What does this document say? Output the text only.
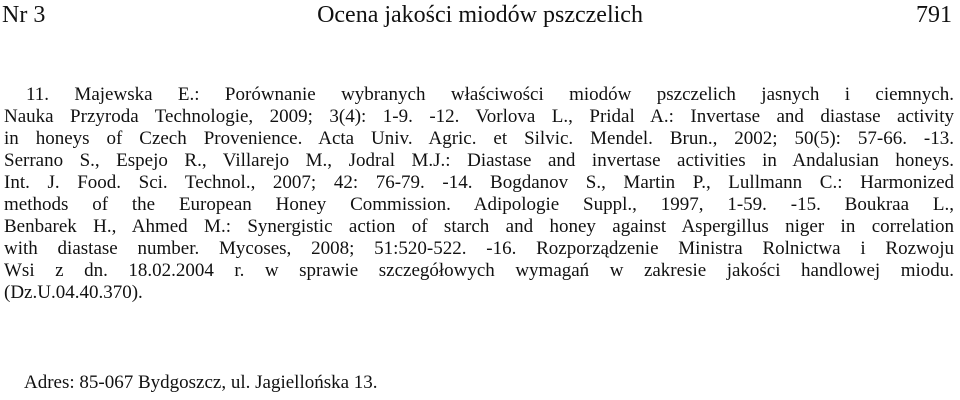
Nr 3	Ocena jakości miodów pszczelich	791
11. Majewska E.: Porównanie wybranych właściwości miodów pszczelich jasnych i ciemnych.
Nauka Przyroda Technologie, 2009; 3(4): 1-9. -12. Vorlova L., Pridal A.: Invertase and diastase activity
in honeys of Czech Provenience. Acta Univ. Agric. et Silvic. Mendel. Brun., 2002; 50(5): 57-66. -13.
Serrano S., Espejo R., Villarejo M., Jodral M.J.: Diastase and invertase activities in Andalusian honeys.
Int. J. Food. Sci. Technol., 2007; 42: 76-79. -14. Bogdanov S., Martin P., Lullmann C.: Harmonized
methods of the European Honey Commission. Adipologie Suppl., 1997, 1-59. -15. Boukraa L.,
Benbarek H., Ahmed M.: Synergistic action of starch and honey against Aspergillus niger in correlation
with diastase number. Mycoses, 2008; 51:520-522. -16. Rozporządzenie Ministra Rolnictwa i Rozwoju
Wsi z dn. 18.02.2004 r. w sprawie szczegółowych wymagań w zakresie jakości handlowej miodu.
(Dz.U.04.40.370).
Adres: 85-067 Bydgoszcz, ul. Jagiellońska 13.
